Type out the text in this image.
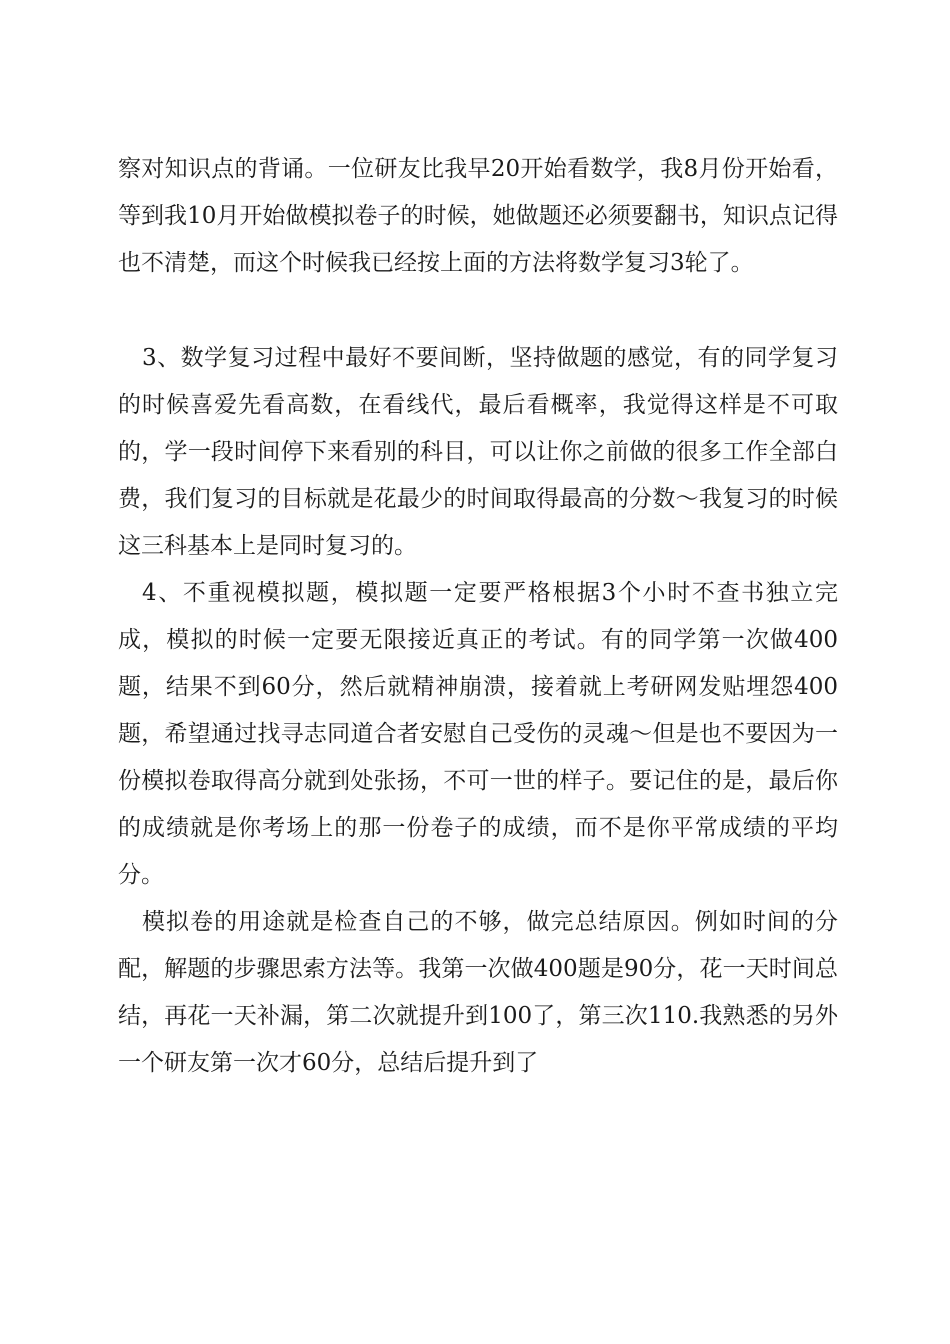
察对知识点的背诵。一位研友比我早20开始看数学，我8月份开始看，等到我10月开始做模拟卷子的时候，她做题还必须要翻书，知识点记得也不清楚，而这个时候我已经按上面的方法将数学复习3轮了。

3、数学复习过程中最好不要间断，坚持做题的感觉，有的同学复习的时候喜爱先看高数，在看线代，最后看概率，我觉得这样是不可取的，学一段时间停下来看别的科目，可以让你之前做的很多工作全部白费，我们复习的目标就是花最少的时间取得最高的分数～我复习的时候这三科基本上是同时复习的。

4、不重视模拟题，模拟题一定要严格根据3个小时不查书独立完成，模拟的时候一定要无限接近真正的考试。有的同学第一次做400题，结果不到60分，然后就精神崩溃，接着就上考研网发贴埋怨400题，希望通过找寻志同道合者安慰自己受伤的灵魂～但是也不要因为一份模拟卷取得高分就到处张扬，不可一世的样子。要记住的是，最后你的成绩就是你考场上的那一份卷子的成绩，而不是你平常成绩的平均分。

模拟卷的用途就是检查自己的不够，做完总结原因。例如时间的分配，解题的步骤思索方法等。我第一次做400题是90分，花一天时间总结，再花一天补漏，第二次就提升到100了，第三次110.我熟悉的另外一个研友第一次才60分，总结后提升到了
